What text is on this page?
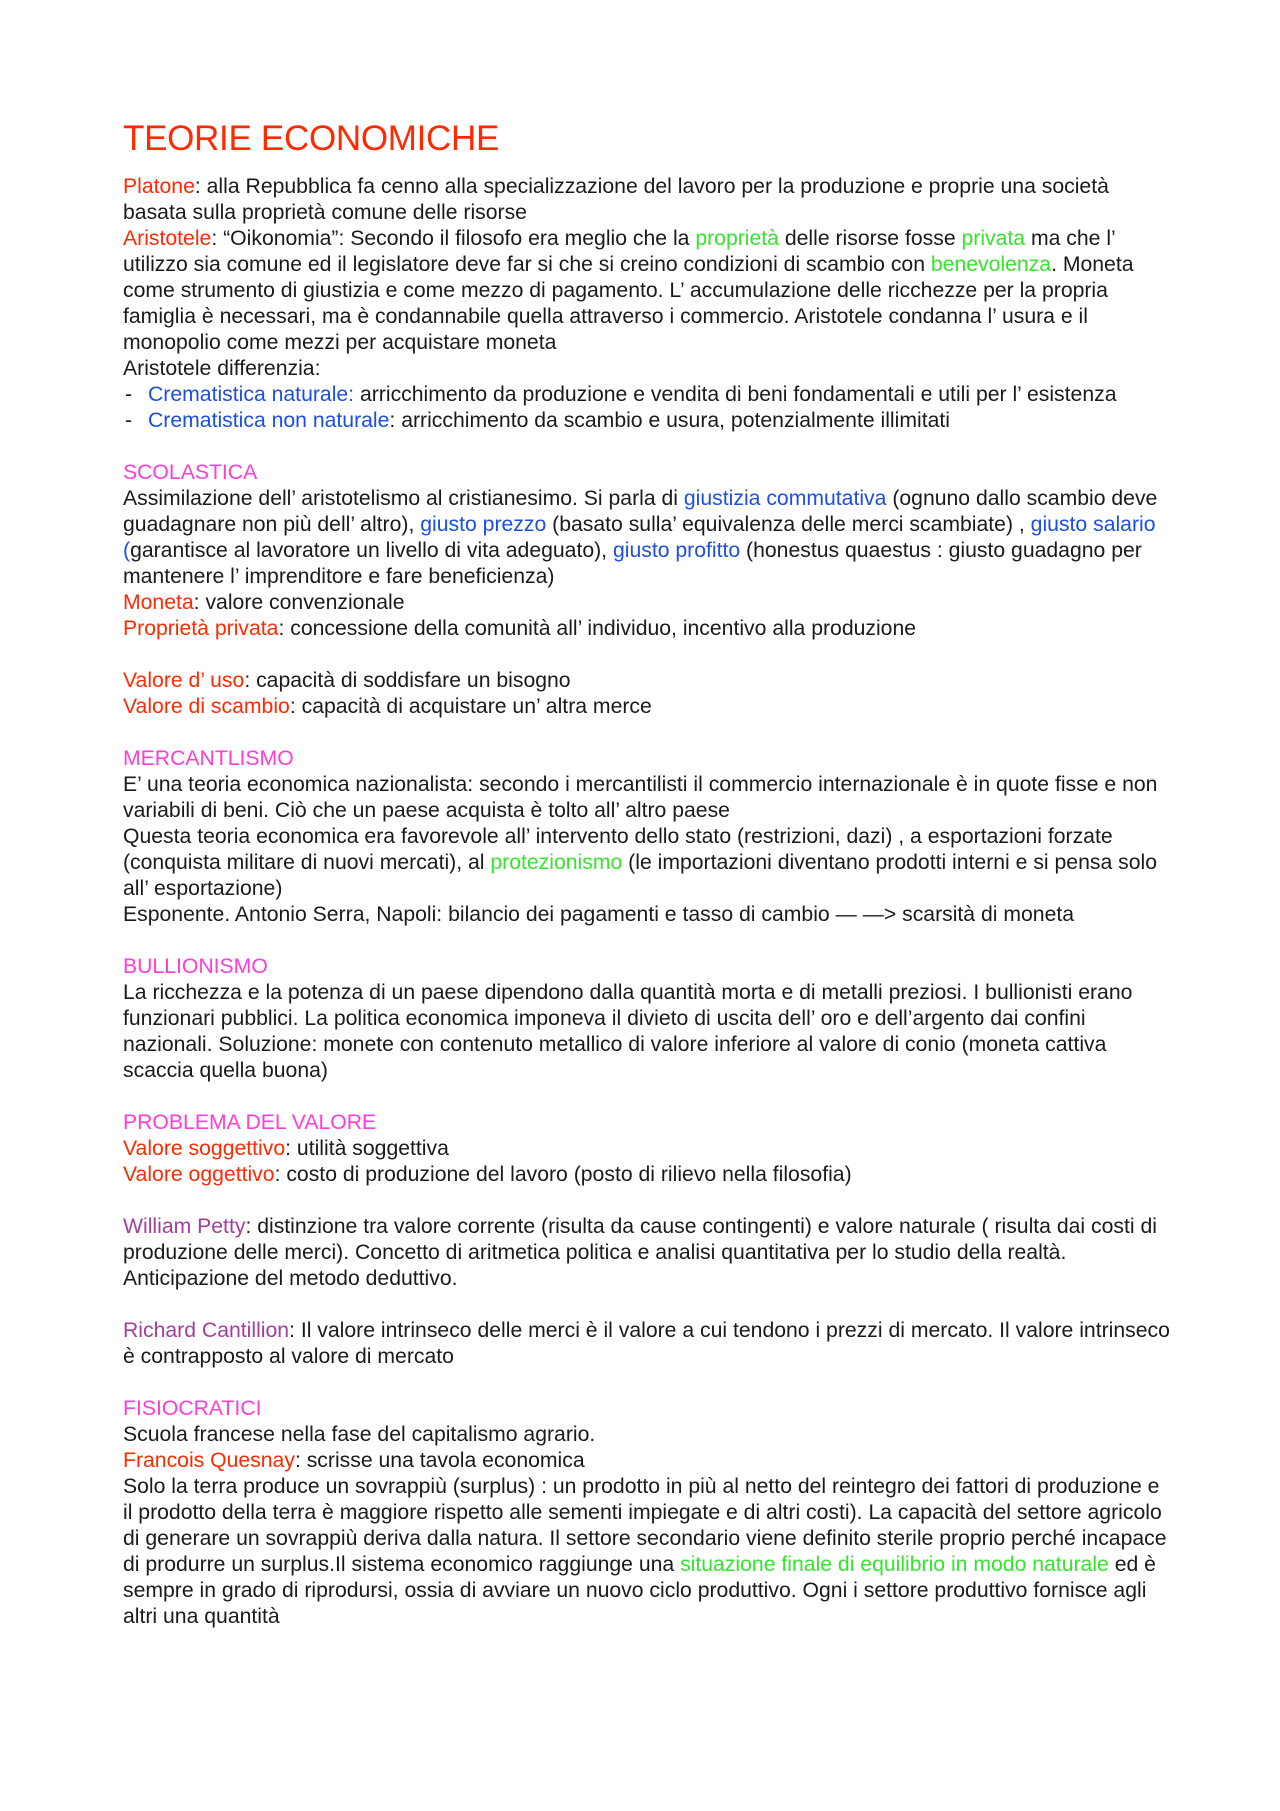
TEORIE ECONOMICHE

Platone: alla Repubblica fa cenno alla specializzazione del lavoro per la produzione e proprie una società basata sulla proprietà comune delle risorse

Aristotele: “Oikonomia”: Secondo il filosofo era meglio che la proprietà delle risorse fosse privata ma che l’ utilizzo sia comune ed il legislatore deve far si che si creino condizioni di scambio con benevolenza. Moneta come strumento di giustizia e come mezzo di pagamento. L’ accumulazione delle ricchezze per la propria famiglia è necessari, ma è condannabile quella attraverso i commercio. Aristotele condanna l’ usura e il monopolio come mezzi per acquistare moneta

Aristotele differenzia:

- Crematistica naturale: arricchimento da produzione e vendita di beni fondamentali e utili per l’ esistenza
- Crematistica non naturale: arricchimento da scambio e usura, potenzialmente illimitati

SCOLASTICA

Assimilazione dell’ aristotelismo al cristianesimo. Si parla di giustizia commutativa (ognuno dallo scambio deve guadagnare non più dell’ altro), giusto prezzo (basato sulla’ equivalenza delle merci scambiate) , giusto salario (garantisce al lavoratore un livello di vita adeguato), giusto profitto (honestus quaestus : giusto guadagno per mantenere l’ imprenditore e fare beneficienza)

Moneta: valore convenzionale

Proprietà privata: concessione della comunità all’ individuo, incentivo alla produzione

Valore d’ uso: capacità di soddisfare un bisogno

Valore di scambio: capacità di acquistare un’ altra merce

MERCANTLISMO

E’ una teoria economica nazionalista: secondo i mercantilisti il commercio internazionale è in quote fisse e non variabili di beni. Ciò che un paese acquista è tolto all’ altro paese

Questa teoria economica era favorevole all’ intervento dello stato (restrizioni, dazi) , a esportazioni forzate (conquista militare di nuovi mercati), al protezionismo (le importazioni diventano prodotti interni e si pensa solo all’ esportazione)

Esponente. Antonio Serra, Napoli: bilancio dei pagamenti e tasso di cambio — —> scarsità di moneta

BULLIONISMO

La ricchezza e la potenza di un paese dipendono dalla quantità morta e di metalli preziosi. I bullionisti erano funzionari pubblici. La politica economica imponeva il divieto di uscita dell’ oro e dell’argento dai confini nazionali. Soluzione: monete con contenuto metallico di valore inferiore al valore di conio (moneta cattiva scaccia quella buona)

PROBLEMA DEL VALORE

Valore soggettivo: utilità soggettiva

Valore oggettivo: costo di produzione del lavoro (posto di rilievo nella filosofia)

William Petty: distinzione tra valore corrente (risulta da cause contingenti) e valore naturale ( risulta dai costi di produzione delle merci). Concetto di aritmetica politica e analisi quantitativa per lo studio della realtà. Anticipazione del metodo deduttivo.

Richard Cantillion: Il valore intrinseco delle merci è il valore a cui tendono i prezzi di mercato. Il valore intrinseco è contrapposto al valore di mercato

FISIOCRATICI

Scuola francese nella fase del capitalismo agrario.

Francois Quesnay: scrisse una tavola economica

Solo la terra produce un sovrappiù (surplus) : un prodotto in più al netto del reintegro dei fattori di produzione e il prodotto della terra è maggiore rispetto alle sementi impiegate e di altri costi). La capacità del settore agricolo di generare un sovrappiù deriva dalla natura. Il settore secondario viene definito sterile proprio perché incapace di produrre un surplus.Il sistema economico raggiunge una situazione finale di equilibrio in modo naturale ed è sempre in grado di riprodursi, ossia di avviare un nuovo ciclo produttivo. Ogni i settore produttivo fornisce agli altri una quantità
